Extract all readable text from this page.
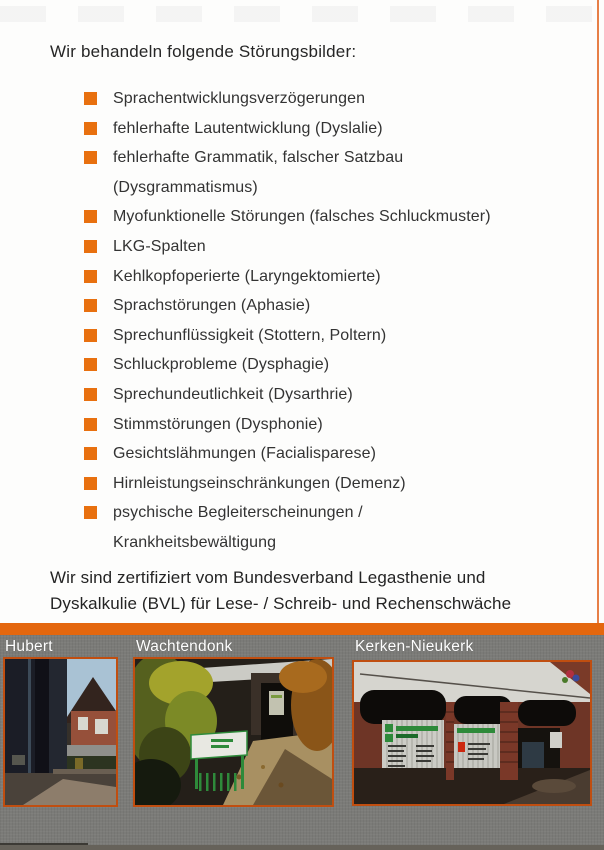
Wir behandeln folgende Störungsbilder:
Sprachentwicklungsverzögerungen
fehlerhafte Lautentwicklung (Dyslalie)
fehlerhafte Grammatik, falscher Satzbau
(Dysgrammatismus)
Myofunktionelle Störungen (falsches Schluckmuster)
LKG-Spalten
Kehlkopfoperierte (Laryngektomierte)
Sprachstörungen (Aphasie)
Sprechunflüssigkeit (Stottern, Poltern)
Schluckprobleme (Dysphagie)
Sprechundeutlichkeit (Dysarthrie)
Stimmstörungen (Dysphonie)
Gesichtslähmungen (Facialisparese)
Hirnleistungseinschränkungen (Demenz)
psychische Begleiterscheinungen /
Krankheitsbewältigung

Wir sind zertifiziert vom Bundesverband Legasthenie und
Dyskalkulie (BVL) für Lese- / Schreib- und Rechenschwäche

Hubert	Wachtendonk	Kerken-Nieukerk
